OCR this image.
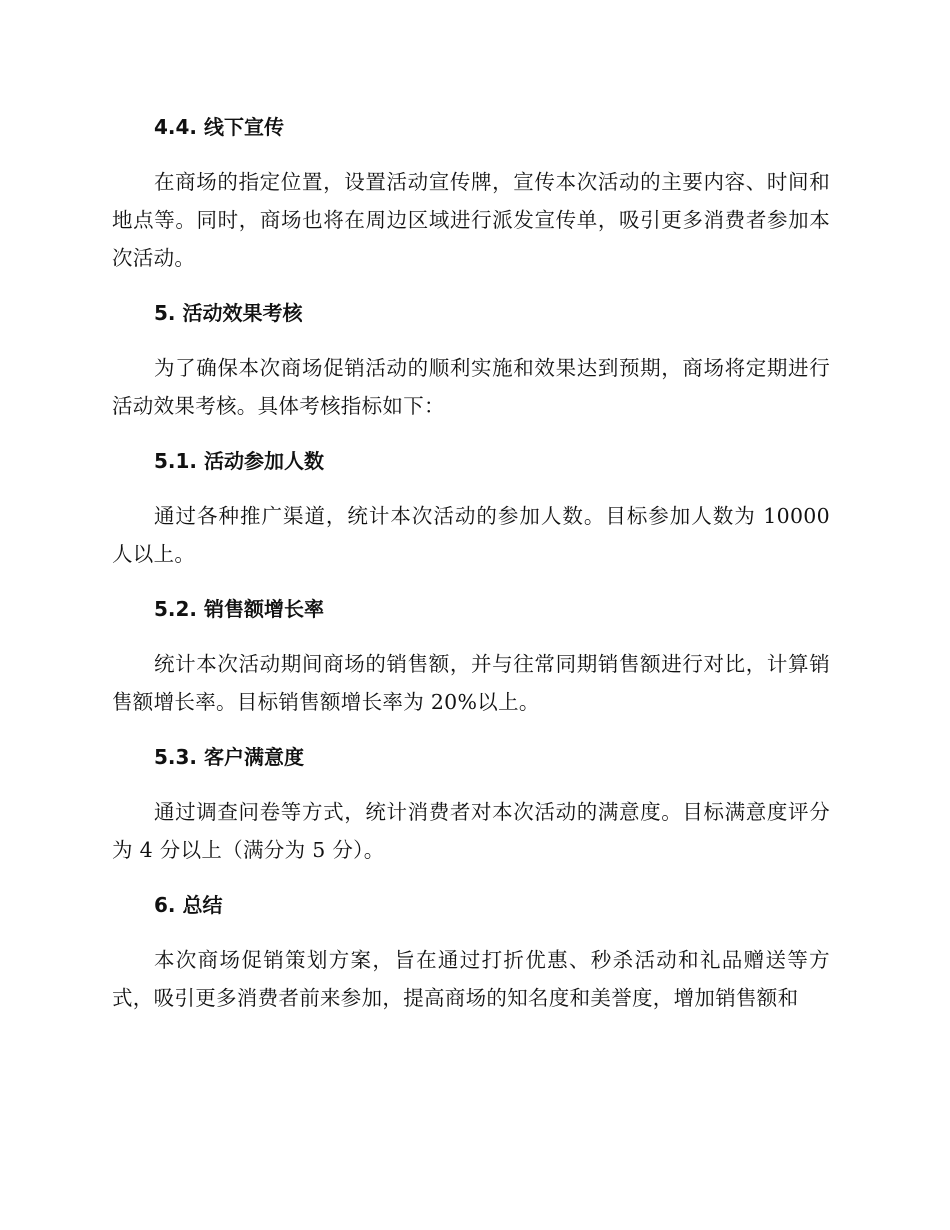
4.4. 线下宣传

在商场的指定位置，设置活动宣传牌，宣传本次活动的主要内容、时间和地点等。同时，商场也将在周边区域进行派发宣传单，吸引更多消费者参加本次活动。

5. 活动效果考核

为了确保本次商场促销活动的顺利实施和效果达到预期，商场将定期进行活动效果考核。具体考核指标如下：

5.1. 活动参加人数

通过各种推广渠道，统计本次活动的参加人数。目标参加人数为 10000人以上。

5.2. 销售额增长率

统计本次活动期间商场的销售额，并与往常同期销售额进行对比，计算销售额增长率。目标销售额增长率为 20%以上。

5.3. 客户满意度

通过调查问卷等方式，统计消费者对本次活动的满意度。目标满意度评分为 4 分以上（满分为 5 分）。

6. 总结

本次商场促销策划方案，旨在通过打折优惠、秒杀活动和礼品赠送等方式，吸引更多消费者前来参加，提高商场的知名度和美誉度，增加销售额和
